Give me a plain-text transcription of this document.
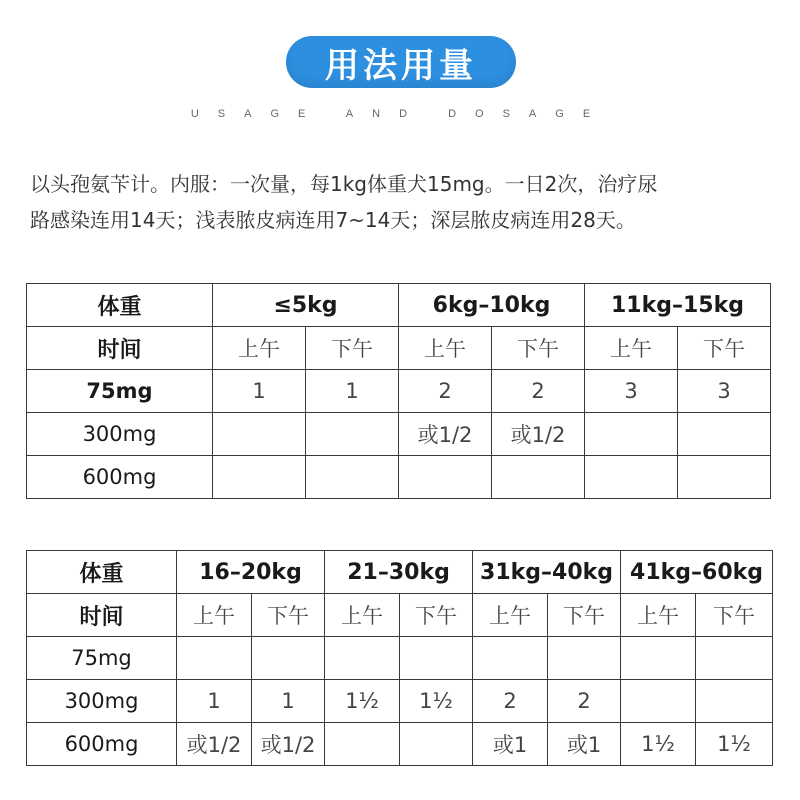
用法用量
USAGE AND DOSAGE

以头孢氨苄计。内服：一次量，每1kg体重犬15mg。一日2次，治疗尿

路感染连用14天；浅表脓皮病连用7~14天；深层脓皮病连用28天。

体重	≤5kg		6kg–10kg		11kg–15kg	
时间	上午	下午	上午	下午	上午	下午
75mg	1	1	2	2	3	3
300mg			或1/2	或1/2		
600mg						
体重	16–20kg		21–30kg		31kg–40kg		41kg–60kg	
时间	上午	下午	上午	下午	上午	下午	上午	下午
75mg								
300mg	1	1	1½	1½	2	2		
600mg	或1/2	或1/2			或1	或1	1½	1½
